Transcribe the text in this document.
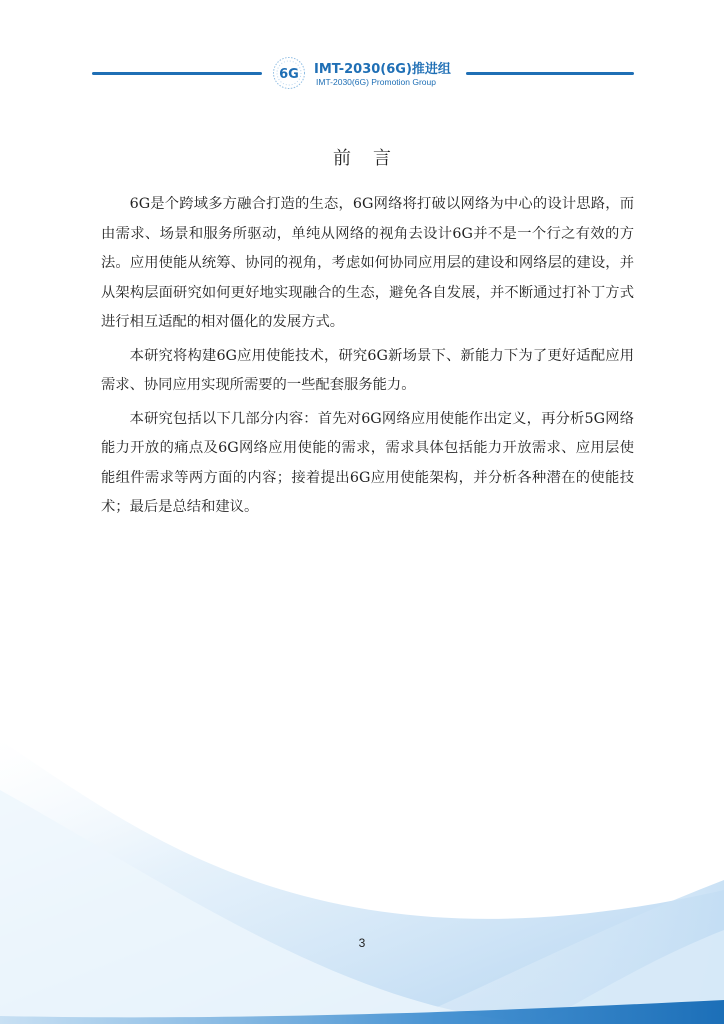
6G IMT-2030(6G)推进组
IMT-2030(6G) Promotion Group
前言

6G是个跨域多方融合打造的生态，6G网络将打破以网络为中心的设计思路，而由需求、场景和服务所驱动，单纯从网络的视角去设计6G并不是一个行之有效的方法。应用使能从统筹、协同的视角，考虑如何协同应用层的建设和网络层的建设，并从架构层面研究如何更好地实现融合的生态，避免各自发展，并不断通过打补丁方式进行相互适配的相对僵化的发展方式。

本研究将构建6G应用使能技术，研究6G新场景下、新能力下为了更好适配应用需求、协同应用实现所需要的一些配套服务能力。

本研究包括以下几部分内容：首先对6G网络应用使能作出定义，再分析5G网络能力开放的痛点及6G网络应用使能的需求，需求具体包括能力开放需求、应用层使能组件需求等两方面的内容；接着提出6G应用使能架构，并分析各种潜在的使能技术；最后是总结和建议。

3
